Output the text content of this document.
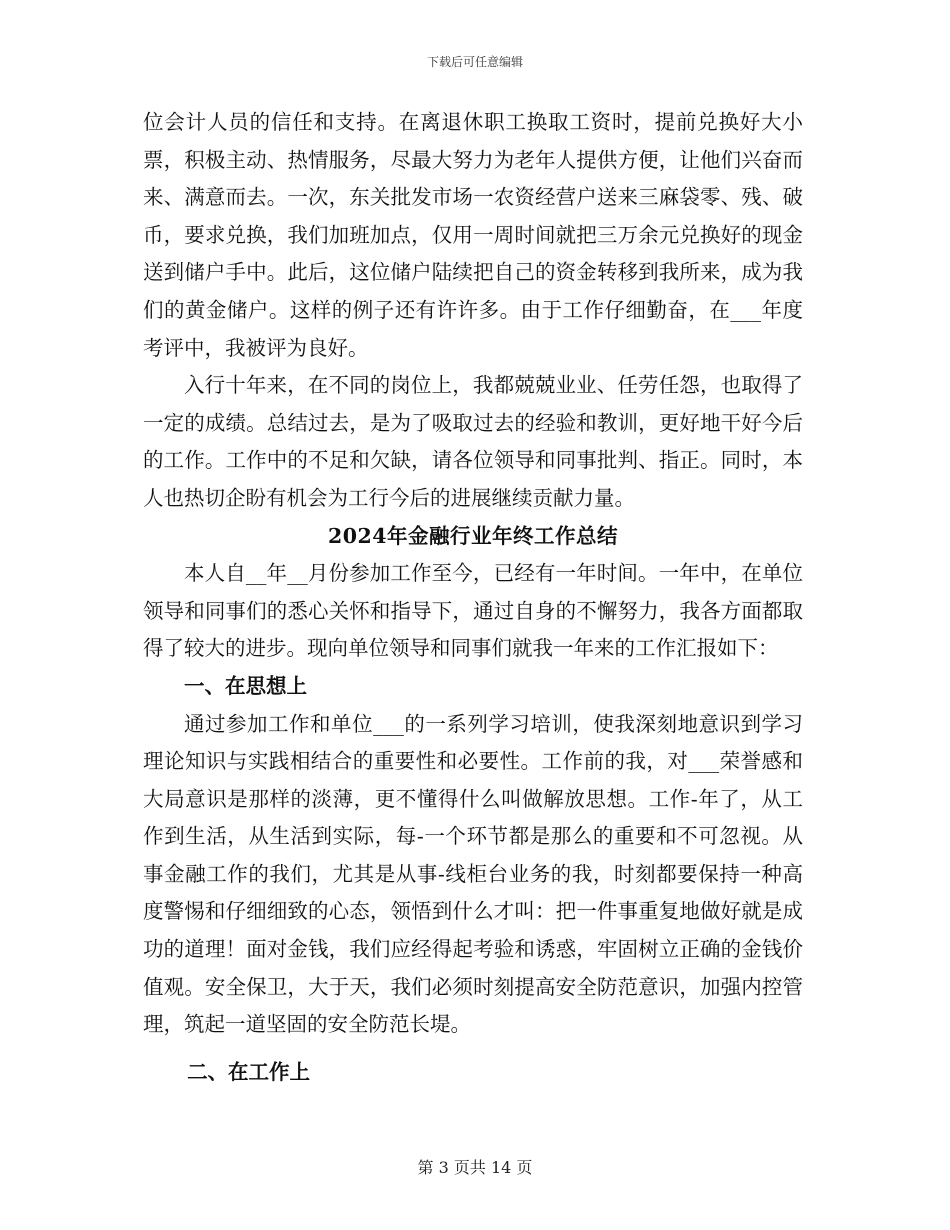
下载后可任意编辑

位会计人员的信任和支持。在离退休职工换取工资时，提前兑换好大小票，积极主动、热情服务，尽最大努力为老年人提供方便，让他们兴奋而来、满意而去。一次，东关批发市场一农资经营户送来三麻袋零、残、破币，要求兑换，我们加班加点，仅用一周时间就把三万余元兑换好的现金送到储户手中。此后，这位储户陆续把自己的资金转移到我所来，成为我们的黄金储户。这样的例子还有许许多。由于工作仔细勤奋，在___年度考评中，我被评为良好。

入行十年来，在不同的岗位上，我都兢兢业业、任劳任怨，也取得了一定的成绩。总结过去，是为了吸取过去的经验和教训，更好地干好今后的工作。工作中的不足和欠缺，请各位领导和同事批判、指正。同时，本人也热切企盼有机会为工行今后的进展继续贡献力量。

2024年金融行业年终工作总结

本人自__年__月份参加工作至今，已经有一年时间。一年中，在单位领导和同事们的悉心关怀和指导下，通过自身的不懈努力，我各方面都取得了较大的进步。现向单位领导和同事们就我一年来的工作汇报如下：

一、在思想上

通过参加工作和单位___的一系列学习培训，使我深刻地意识到学习理论知识与实践相结合的重要性和必要性。工作前的我，对___荣誉感和大局意识是那样的淡薄，更不懂得什么叫做解放思想。工作-年了，从工作到生活，从生活到实际，每-一个环节都是那么的重要和不可忽视。从事金融工作的我们，尤其是从事-线柜台业务的我，时刻都要保持一种高度警惕和仔细细致的心态，领悟到什么才叫：把一件事重复地做好就是成功的道理！面对金钱，我们应经得起考验和诱惑，牢固树立正确的金钱价值观。安全保卫，大于天，我们必须时刻提高安全防范意识，加强内控管理，筑起一道坚固的安全防范长堤。

二、在工作上

第 3 页共 14 页
